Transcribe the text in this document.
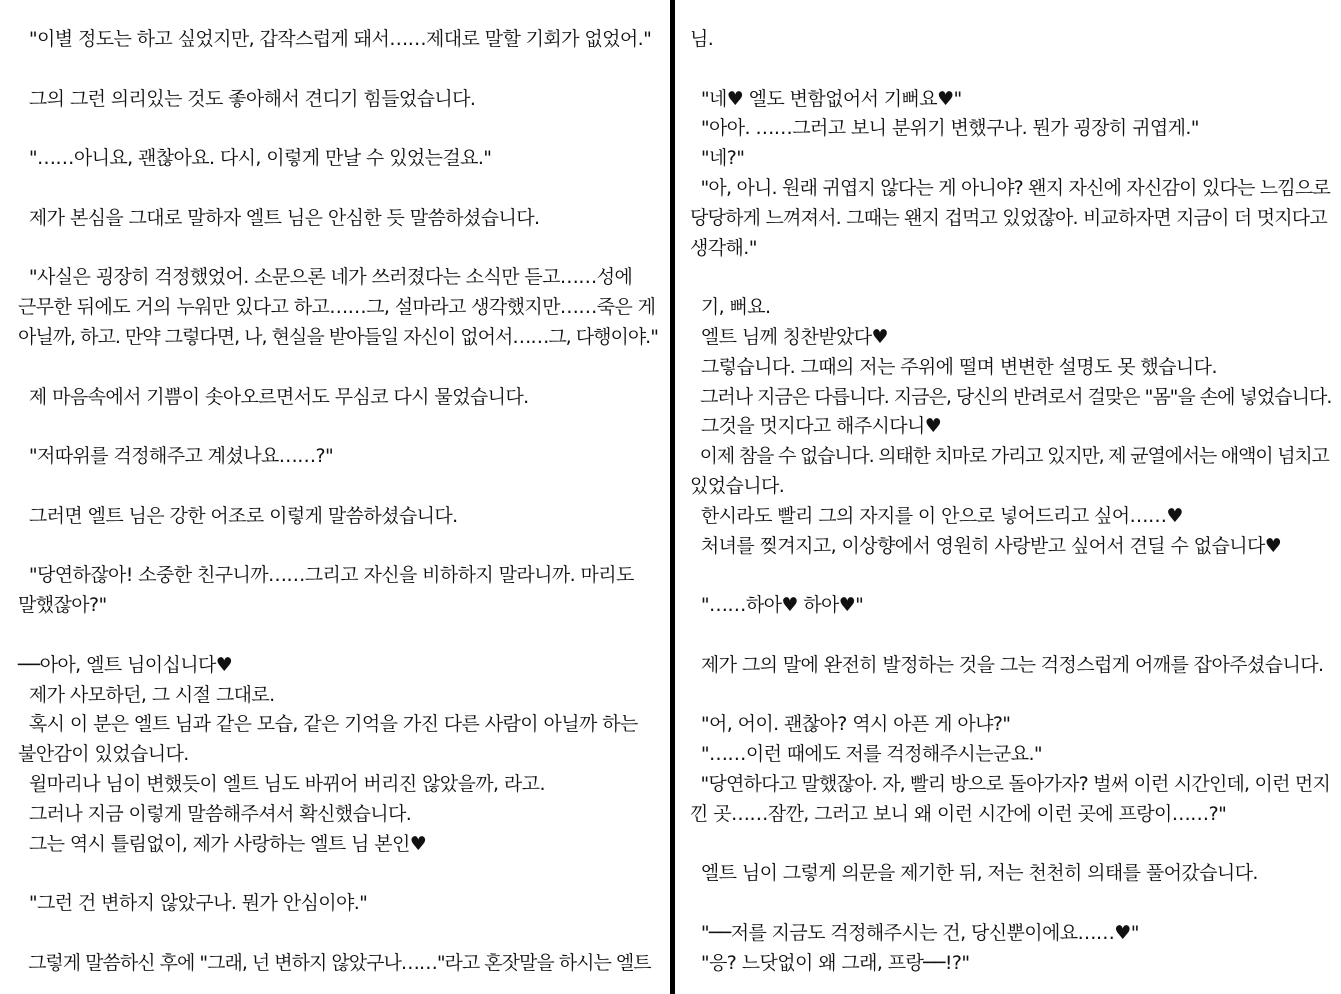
"이별 정도는 하고 싶었지만, 갑작스럽게 돼서……제대로 말할 기회가 없었어."

그의 그런 의리있는 것도 좋아해서 견디기 힘들었습니다.

"……아니요, 괜찮아요. 다시, 이렇게 만날 수 있었는걸요."

제가 본심을 그대로 말하자 엘트 님은 안심한 듯 말씀하셨습니다.

"사실은 굉장히 걱정했었어. 소문으론 네가 쓰러졌다는 소식만 듣고……성에
근무한 뒤에도 거의 누워만 있다고 하고……그, 설마라고 생각했지만……죽은 게
아닐까, 하고. 만약 그렇다면, 나, 현실을 받아들일 자신이 없어서……그, 다행이야."

제 마음속에서 기쁨이 솟아오르면서도 무심코 다시 물었습니다.

"저따위를 걱정해주고 계셨나요……?"

그러면 엘트 님은 강한 어조로 이렇게 말씀하셨습니다.

"당연하잖아! 소중한 친구니까……그리고 자신을 비하하지 말라니까. 마리도
말했잖아?"

──아아, 엘트 님이십니다♥
제가 사모하던, 그 시절 그대로.
혹시 이 분은 엘트 님과 같은 모습, 같은 기억을 가진 다른 사람이 아닐까 하는
불안감이 있었습니다.
윌마리나 님이 변했듯이 엘트 님도 바뀌어 버리진 않았을까, 라고.
그러나 지금 이렇게 말씀해주셔서 확신했습니다.
그는 역시 틀림없이, 제가 사랑하는 엘트 님 본인♥

"그런 건 변하지 않았구나. 뭔가 안심이야."

그렇게 말씀하신 후에 "그래, 넌 변하지 않았구나……"라고 혼잣말을 하시는 엘트
님.

"네♥ 엘도 변함없어서 기뻐요♥"
"아아. ……그러고 보니 분위기 변했구나. 뭔가 굉장히 귀엽게."
"네?"
"아, 아니. 원래 귀엽지 않다는 게 아니야? 왠지 자신에 자신감이 있다는 느낌으로
당당하게 느껴져서. 그때는 왠지 겁먹고 있었잖아. 비교하자면 지금이 더 멋지다고
생각해."

기, 뻐요.
엘트 님께 칭찬받았다♥
그렇습니다. 그때의 저는 주위에 떨며 변변한 설명도 못 했습니다.
그러나 지금은 다릅니다. 지금은, 당신의 반려로서 걸맞은 "몸"을 손에 넣었습니다.
그것을 멋지다고 해주시다니♥
이제 참을 수 없습니다. 의태한 치마로 가리고 있지만, 제 균열에서는 애액이 넘치고
있었습니다.
한시라도 빨리 그의 자지를 이 안으로 넣어드리고 싶어……♥
처녀를 찢겨지고, 이상향에서 영원히 사랑받고 싶어서 견딜 수 없습니다♥

"……하아♥ 하아♥"

제가 그의 말에 완전히 발정하는 것을 그는 걱정스럽게 어깨를 잡아주셨습니다.

"어, 어이. 괜찮아? 역시 아픈 게 아냐?"
"……이런 때에도 저를 걱정해주시는군요."
"당연하다고 말했잖아. 자, 빨리 방으로 돌아가자? 벌써 이런 시간인데, 이런 먼지
낀 곳……잠깐, 그러고 보니 왜 이런 시간에 이런 곳에 프랑이……?"

엘트 님이 그렇게 의문을 제기한 뒤, 저는 천천히 의태를 풀어갔습니다.

"──저를 지금도 걱정해주시는 건, 당신뿐이에요……♥"
"응? 느닷없이 왜 그래, 프랑──!?"
